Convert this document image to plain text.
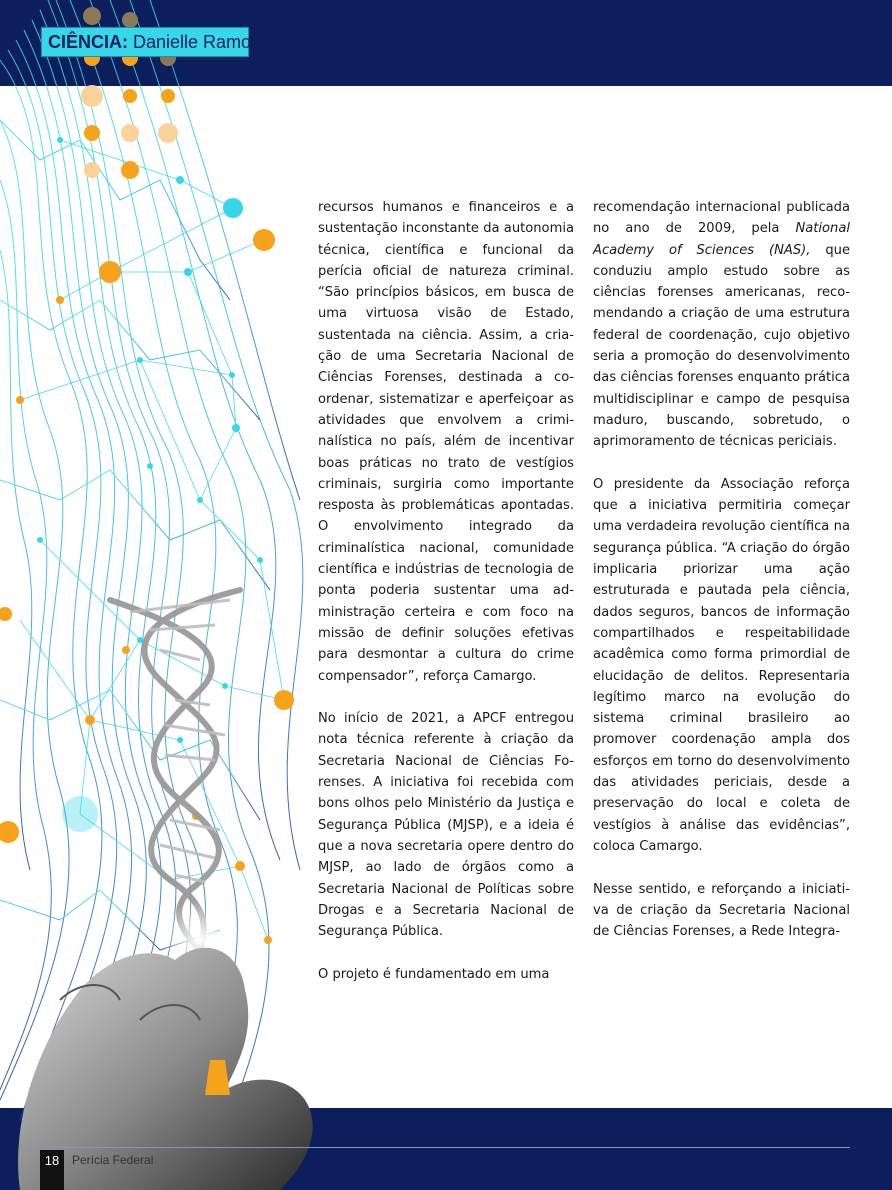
CIÊNCIA: Danielle Ramos

recursos humanos e financeiros e a sustentação inconstante da autonomia técnica, científica e funcional da perícia oficial de natureza criminal. “São princípios básicos, em busca de uma virtuosa visão de Estado, sustentada na ciência. Assim, a criação de uma Secretaria Nacional de Ciências Forenses, destinada a coordenar, sistematizar e aperfeiçoar as atividades que envolvem a criminalística no país, além de incentivar boas práticas no trato de vestígios criminais, surgiria como importante resposta às problemáticas apontadas. O envolvimento integrado da criminalística nacional, comunidade científica e indústrias de tecnologia de ponta poderia sustentar uma administração certeira e com foco na missão de definir soluções efetivas para desmontar a cultura do crime compensador”, reforça Camargo.

No início de 2021, a APCF entregou nota técnica referente à criação da Secretaria Nacional de Ciências Forenses. A iniciativa foi recebida com bons olhos pelo Ministério da Justiça e Segurança Pública (MJSP), e a ideia é que a nova secretaria opere dentro do MJSP, ao lado de órgãos como a Secretaria Nacional de Políticas sobre Drogas e a Secretaria Nacional de Segurança Pública.

O projeto é fundamentado em uma

recomendação internacional publicada no ano de 2009, pela National Academy of Sciences (NAS), que conduziu amplo estudo sobre as ciências forenses americanas, recomendando a criação de uma estrutura federal de coordenação, cujo objetivo seria a promoção do desenvolvimento das ciências forenses enquanto prática multidisciplinar e campo de pesquisa maduro, buscando, sobretudo, o aprimoramento de técnicas periciais.

O presidente da Associação reforça que a iniciativa permitiria começar uma verdadeira revolução científica na segurança pública. “A criação do órgão implicaria priorizar uma ação estruturada e pautada pela ciência, dados seguros, bancos de informação compartilhados e respeitabilidade acadêmica como forma primordial de elucidação de delitos. Representaria legítimo marco na evolução do sistema criminal brasileiro ao promover coordenação ampla dos esforços em torno do desenvolvimento das atividades periciais, desde a preservação do local e coleta de vestígios à análise das evidências”, coloca Camargo.

Nesse sentido, e reforçando a iniciativa de criação da Secretaria Nacional de Ciências Forenses, a Rede Integra-

18	Perícia Federal
